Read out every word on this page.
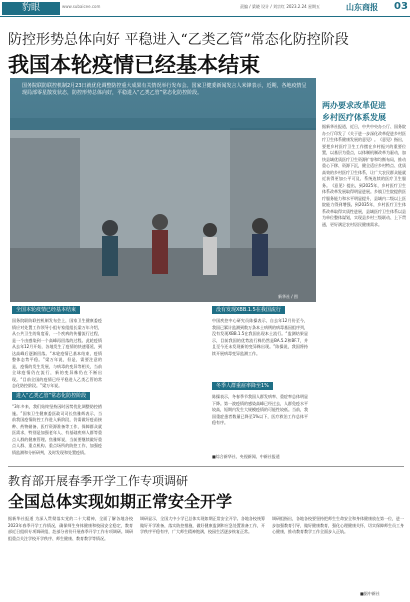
豹眼	www.subaicee.com	责编 / 梁晓 设计 / 刘宗红 2023.2.24 星期五	山东商报 03
防控形势总体向好 平稳进入“乙类乙管”常态化防控阶段
我国本轮疫情已经基本结束
国务院联防联控机制2月23日就优化调整防控重大成果有关情况举行发布会。国家卫健委新闻发言人米锋表示，近期，各地疫情呈现局部零星散发状态，防控形势总体向好，平稳进入“乙类乙管”常态化防控阶段。
新华社 / 图
两办要求改革促进
乡村医疗体系发展
据新华社报道，近日，中共中央办公厅、国务院办公厅印发了《关于进一步深化改革促进乡村医疗卫生体系健康发展的意见》。《意见》指出，要把乡村医疗卫生工作摆在乡村振兴的重要位置，以基层为重点，以体制机制改革为驱动，加快县域优质医疗卫生资源扩容和均衡布局，推动重心下移、资源下沉，健全适应乡村特点、优质高效的乡村医疗卫生体系，让广大农民群众能就近获得更加公平可及、系统连续的医疗卫生服务。《意见》提出，到2025年，乡村医疗卫生体系改革发展取得明显进展。乡镇卫生院提供医疗服务能力和水平明显提升，县域内二级以上医院能力得到增强。到2035年，乡村医疗卫生体系改革取得实质性进展，县域医疗卫生体系以县为单位整体谋划，实现县乡村三级联动、上下贯通，更好满足农村居民健康需求。
全国本轮疫情已经基本结束
国务院联防联控机制发布会上，国家卫生健康委疫情应对处置工作领导小组专家组组长梁万年介绍，从公共卫生的角度看，一个疾病的传播流行过程，是一个由感染到一个高峰再回落的过程。此轮疫情从去年12月开始，各地发生了疫情的快速蔓延，到达高峰后逐渐回落。“本轮疫情已基本结束，疫情整体态势平稳。”梁万年说，但是，需要注意的是，疫情的发生发展，与病毒的变异等相关，当前全球疫情仍在流行，新的变异株仍在不断出现。“目前全国的疫情已经平稳进入乙类乙管的常态化防控阶段。”梁万年说。
进入“乙类乙管”常态化防控阶段
“3年多来，我们始终坚持因时因势优化调整防控措施。”国家卫生健康委医政司司长焦雅辉表示，当前我国疫情防控工作进入新阶段，仍需做好疫苗接种、药物储备、医疗资源准备等工作，保障群众就医需求，特别是加强老年人、有基础疾病人群等重点人群的健康管理。焦雅辉说，当前要继续做好重点人群、重点机构、重点场所的防控工作，加强疫情监测和分析研判，及时发现和处置疫情。
没有发现XBB.1.5在我国流行
中国疾控中心研究员陈操表示，自去年12月份至今，我国已累计监测到数万条本土病例的病毒基因组序列，没有发现XBB.1.5在我国出现本土流行。“监测结果显示，目前我国的优势流行株仍然是BA.5.2和BF.7，并且至今还未发现新的变异株出现。”陈操说，我国将持续开展病毒变异监测工作。
冬季人群重症率降至1%
陈操表示，冬春季节我国人群发病率、重症率总体明显下降。第一波疫情的感染高峰已经过去，人群免疫水平较高，短期内发生大规模疫情的可能性较低。当前，我国重症患者数量已降至1%以下，医疗救治工作总体平稳有序。
■综合新华社、央视新闻、中新社报道
教育部开展春季开学工作专项调研
全国总体实现如期正常安全开学
据新华社报道 为深入贯彻落实党的二十大精神，全面了解各地各校2023年春季开学工作情况，确保师生身体健康和校园安全稳定，教育部近日组织专项调研组，赴部分省份开展春季开学工作专项调研。调研组重点关注学校开学秩序、师生健康、教育教学等情况。
调研显示，全国大中小学已总体实现如期正常安全开学。各地各校统筹做好开学准备，落实防控措施，做好健康监测和应急处置准备工作，开学秩序平稳有序，广大师生精神饱满，校园生活逐步恢复正常。
调研组指出，各地各校要坚持把师生生命安全和身体健康放在第一位，进一步加强教育引导，做好健康教育，强化心理健康关怀，切实保障师生员工身心健康，推动教育教学工作全面步入正轨。
■据中新社
